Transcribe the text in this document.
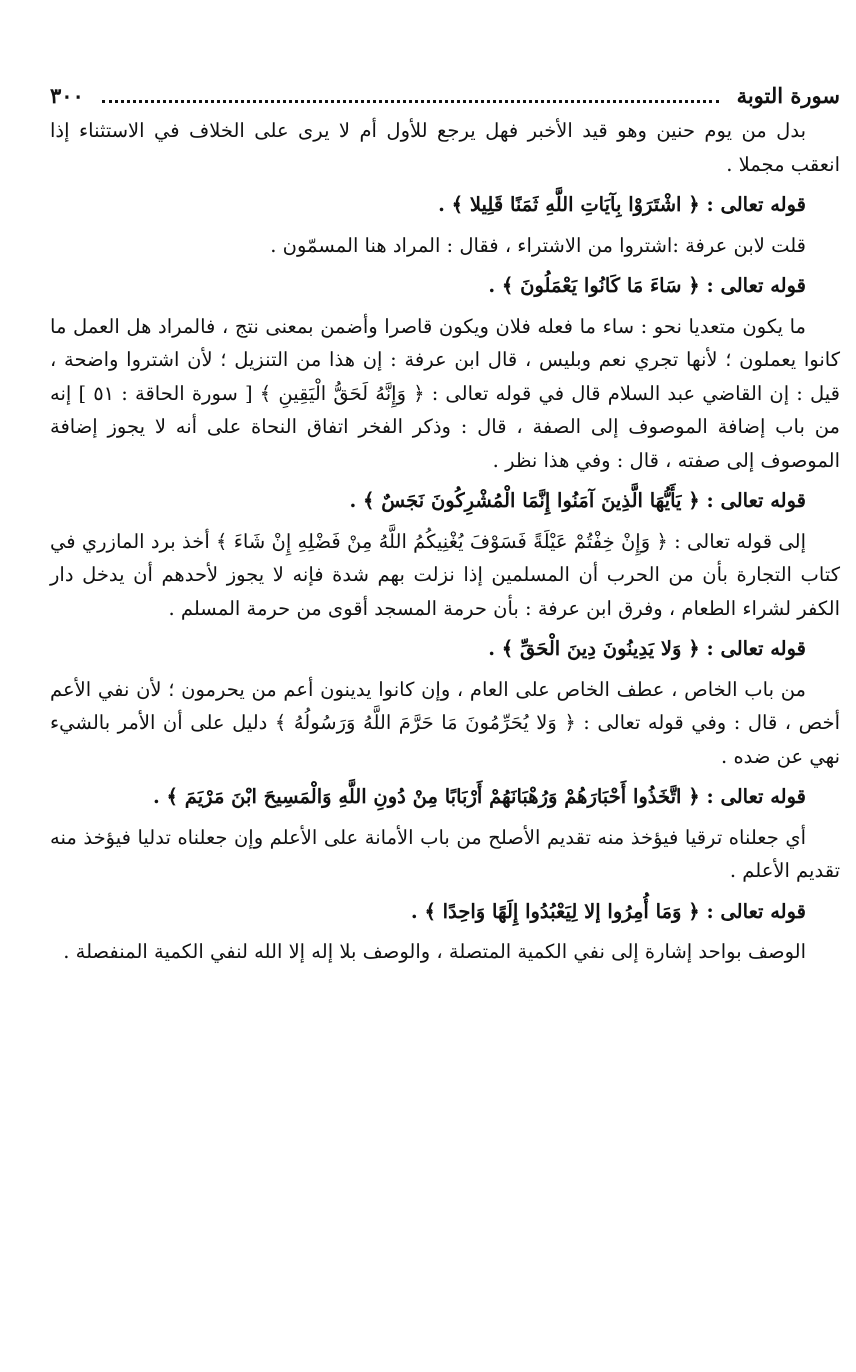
سورة التوبة
٣٠٠

بدل من يوم حنين وهو قيد الأخبر فهل يرجع للأول أم لا يرى على الخلاف في الاستثناء إذا انعقب مجملا .

قوله تعالى : ﴿ اشْتَرَوْا بِآيَاتِ اللَّهِ ثَمَنًا قَلِيلا ﴾ .

قلت لابن عرفة :اشتروا من الاشتراء ، فقال : المراد هنا المسمّون .

قوله تعالى : ﴿ سَاءَ مَا كَانُوا يَعْمَلُونَ ﴾ .

ما يكون متعديا نحو : ساء ما فعله فلان ويكون قاصرا وأضمن بمعنى نتج ، فالمراد هل العمل ما كانوا يعملون ؛ لأنها تجري نعم وبليس ، قال ابن عرفة : إن هذا من التنزيل ؛ لأن اشتروا واضحة ، قيل : إن القاضي عبد السلام قال في قوله تعالى : ﴿ وَإِنَّهُ لَحَقُّ الْيَقِينِ ﴾ [ سورة الحاقة : ٥١ ] إنه من باب إضافة الموصوف إلى الصفة ، قال : وذكر الفخر اتفاق النحاة على أنه لا يجوز إضافة الموصوف إلى صفته ، قال : وفي هذا نظر .

قوله تعالى : ﴿ يَأَيُّهَا الَّذِينَ آمَنُوا إِنَّمَا الْمُشْرِكُونَ نَجَسٌ ﴾ .

إلى قوله تعالى : ﴿ وَإِنْ خِفْتُمْ عَيْلَةً فَسَوْفَ يُغْنِيكُمُ اللَّهُ مِنْ فَضْلِهِ إِنْ شَاءَ ﴾ أخذ برد المازري في كتاب التجارة بأن من الحرب أن المسلمين إذا نزلت بهم شدة فإنه لا يجوز لأحدهم أن يدخل دار الكفر لشراء الطعام ، وفرق ابن عرفة : بأن حرمة المسجد أقوى من حرمة المسلم .

قوله تعالى : ﴿ وَلا يَدِينُونَ دِينَ الْحَقِّ ﴾ .

من باب الخاص ، عطف الخاص على العام ، وإن كانوا يدينون أعم من يحرمون ؛ لأن نفي الأعم أخص ، قال : وفي قوله تعالى : ﴿ وَلا يُحَرِّمُونَ مَا حَرَّمَ اللَّهُ وَرَسُولُهُ ﴾ دليل على أن الأمر بالشيء نهي عن ضده .

قوله تعالى : ﴿ اتَّخَذُوا أَحْبَارَهُمْ وَرُهْبَانَهُمْ أَرْبَابًا مِنْ دُونِ اللَّهِ وَالْمَسِيحَ ابْنَ مَرْيَمَ ﴾ .

أي جعلناه ترقيا فيؤخذ منه تقديم الأصلح من باب الأمانة على الأعلم وإن جعلناه تدليا فيؤخذ منه تقديم الأعلم .

قوله تعالى : ﴿ وَمَا أُمِرُوا إلا لِيَعْبُدُوا إِلَهًا وَاحِدًا ﴾ .

الوصف بواحد إشارة إلى نفي الكمية المتصلة ، والوصف بلا إله إلا الله لنفي الكمية المنفصلة .
